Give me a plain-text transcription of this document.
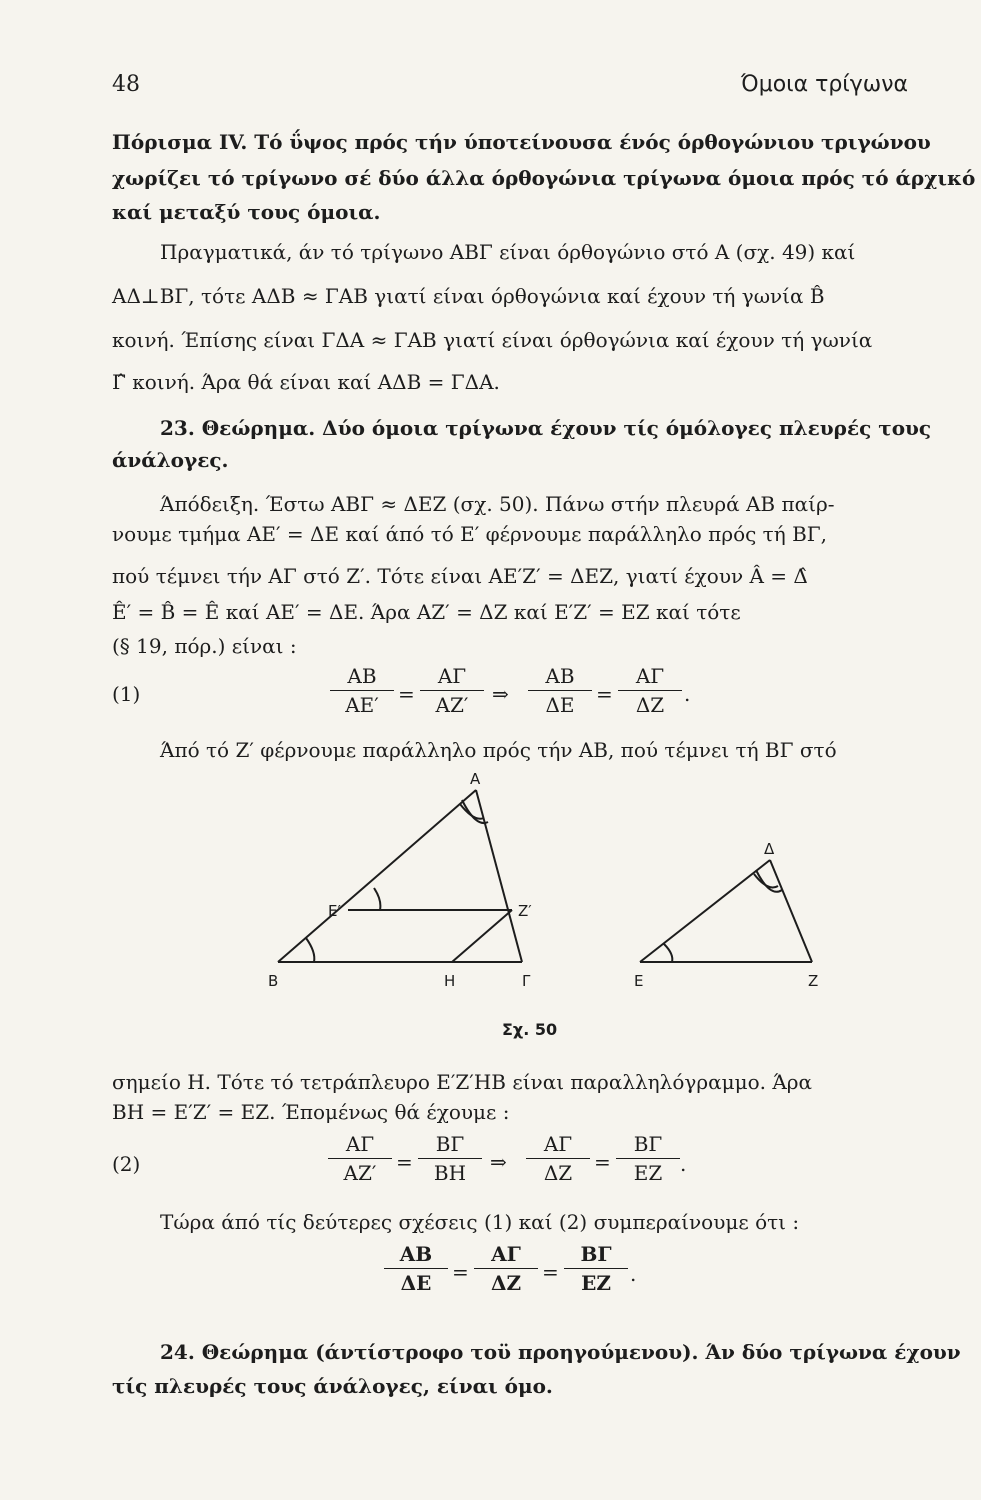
48	Όμοια τρίγωνα
Πόρισμα IV. Τό ΰψος πρός τήν ύποτείνουσα ένός όρθογώνιου τριγώνου
χωρίζει τό τρίγωνο σέ δύο άλλα όρθογώνια τρίγωνα όμοια πρός τό άρχικό
καί μεταξύ τους όμοια.
Πραγματικά, άν τό τρίγωνο ΑΒΓ είναι όρθογώνιο στό Α (σχ. 49) καί
ΑΔ⊥ΒΓ, τότε ΑΔΒ ≈ ΓΑΒ γιατί είναι όρθογώνια καί έχουν τή γωνία B̂
κοινή. Έπίσης είναι ΓΔΑ ≈ ΓΑΒ γιατί είναι όρθογώνια καί έχουν τή γωνία
Γ̂ κοινή. Άρα θά είναι καί ΑΔΒ = ΓΔΑ.
23. Θεώρημα. Δύο όμοια τρίγωνα έχουν τίς όμόλογες πλευρές τους
άνάλογες.
Άπόδειξη. Έστω ΑΒΓ ≈ ΔΕΖ (σχ. 50). Πάνω στήν πλευρά ΑΒ παίρ-
νουμε τμήμα ΑΕ′ = ΔΕ καί άπό τό Ε′ φέρνουμε παράλληλο πρός τή ΒΓ,
πού τέμνει τήν ΑΓ στό Ζ′. Τότε είναι ΑΕ′Ζ′ = ΔΕΖ, γιατί έχουν Â = Δ̂
Ê′ = B̂ = Ê καί ΑΕ′ = ΔΕ. Άρα ΑΖ′ = ΔΖ καί Ε′Ζ′ = ΕΖ καί τότε
(§ 19, πόρ.) είναι :
(1)	$\frac{AB}{AE'} = \frac{A\Gamma}{AZ'}$ ⇒ $\frac{AB}{\Delta E} = \frac{A\Gamma}{\Delta Z}$ .
Άπό τό Ζ′ φέρνουμε παράλληλο πρός τήν ΑΒ, πού τέμνει τή ΒΓ στό
A
E′	Z′
B	H	Γ
Δ
E	Z
Σχ. 50
σημείο Η. Τότε τό τετράπλευρο Ε′Ζ′ΗΒ είναι παραλληλόγραμμο. Άρα
ΒΗ = Ε′Ζ′ = ΕΖ. Έπομένως θά έχουμε :
(2)	$\frac{A\Gamma}{AZ'} = \frac{B\Gamma}{BH}$ ⇒ $\frac{A\Gamma}{\Delta Z} = \frac{B\Gamma}{EZ}$ .
Τώρα άπό τίς δεύτερες σχέσεις (1) καί (2) συμπεραίνουμε ότι :
$\frac{AB}{\Delta E} = \frac{A\Gamma}{\Delta Z} = \frac{B\Gamma}{EZ}$ .
24. Θεώρημα (άντίστροφο τοϋ προηγούμενου). Άν δύο τρίγωνα έχουν
τίς πλευρές τους άνάλογες, είναι όμο.
